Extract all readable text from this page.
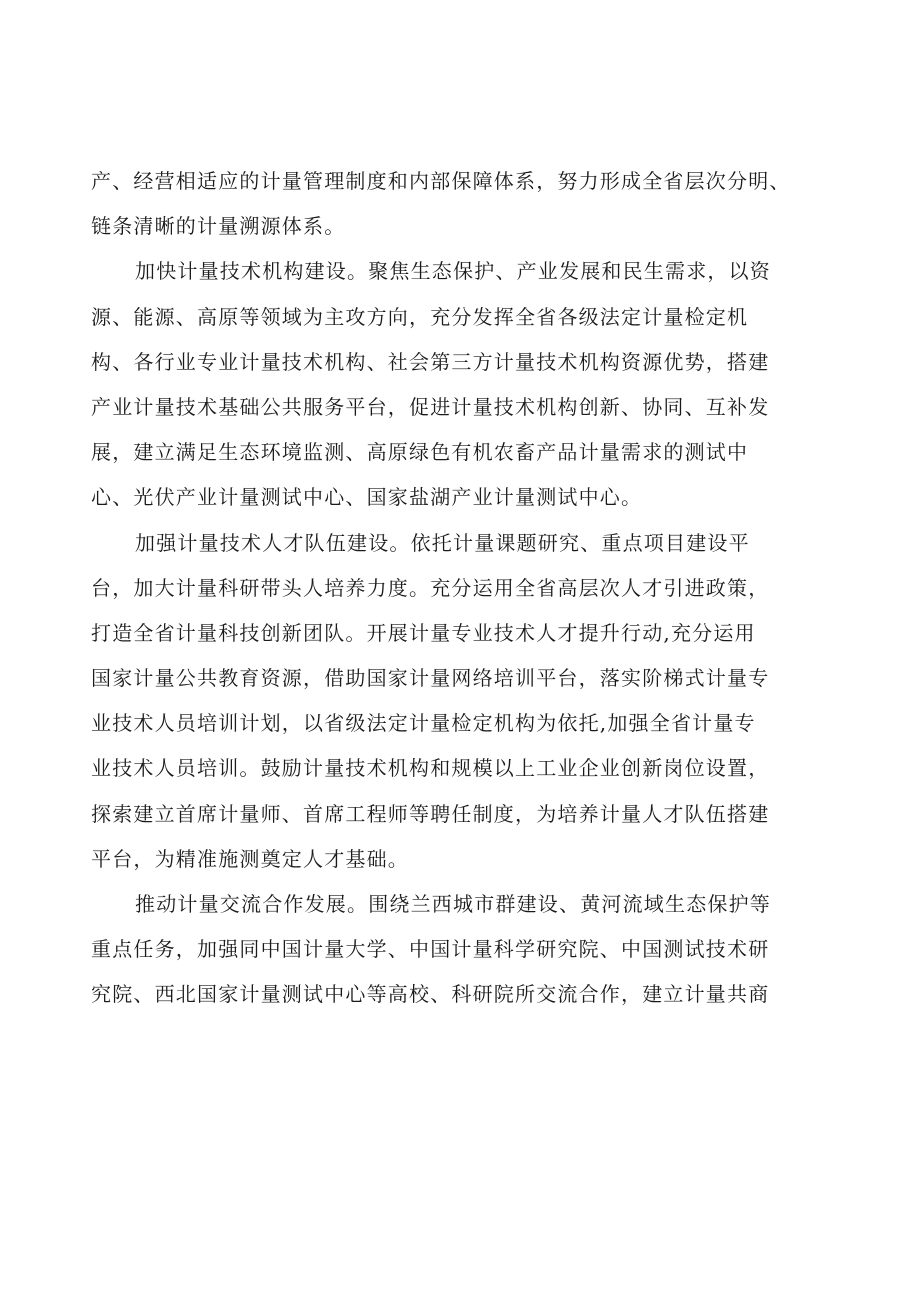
产、经营相适应的计量管理制度和内部保障体系，努力形成全省层次分明、
链条清晰的计量溯源体系。
加快计量技术机构建设。聚焦生态保护、产业发展和民生需求，以资
源、能源、高原等领域为主攻方向，充分发挥全省各级法定计量检定机
构、各行业专业计量技术机构、社会第三方计量技术机构资源优势，搭建
产业计量技术基础公共服务平台，促进计量技术机构创新、协同、互补发
展，建立满足生态环境监测、高原绿色有机农畜产品计量需求的测试中
心、光伏产业计量测试中心、国家盐湖产业计量测试中心。
加强计量技术人才队伍建设。依托计量课题研究、重点项目建设平
台，加大计量科研带头人培养力度。充分运用全省高层次人才引进政策，
打造全省计量科技创新团队。开展计量专业技术人才提升行动,充分运用
国家计量公共教育资源，借助国家计量网络培训平台，落实阶梯式计量专
业技术人员培训计划，以省级法定计量检定机构为依托,加强全省计量专
业技术人员培训。鼓励计量技术机构和规模以上工业企业创新岗位设置，
探索建立首席计量师、首席工程师等聘任制度，为培养计量人才队伍搭建
平台，为精准施测奠定人才基础。
推动计量交流合作发展。围绕兰西城市群建设、黄河流域生态保护等
重点任务，加强同中国计量大学、中国计量科学研究院、中国测试技术研
究院、西北国家计量测试中心等高校、科研院所交流合作，建立计量共商
